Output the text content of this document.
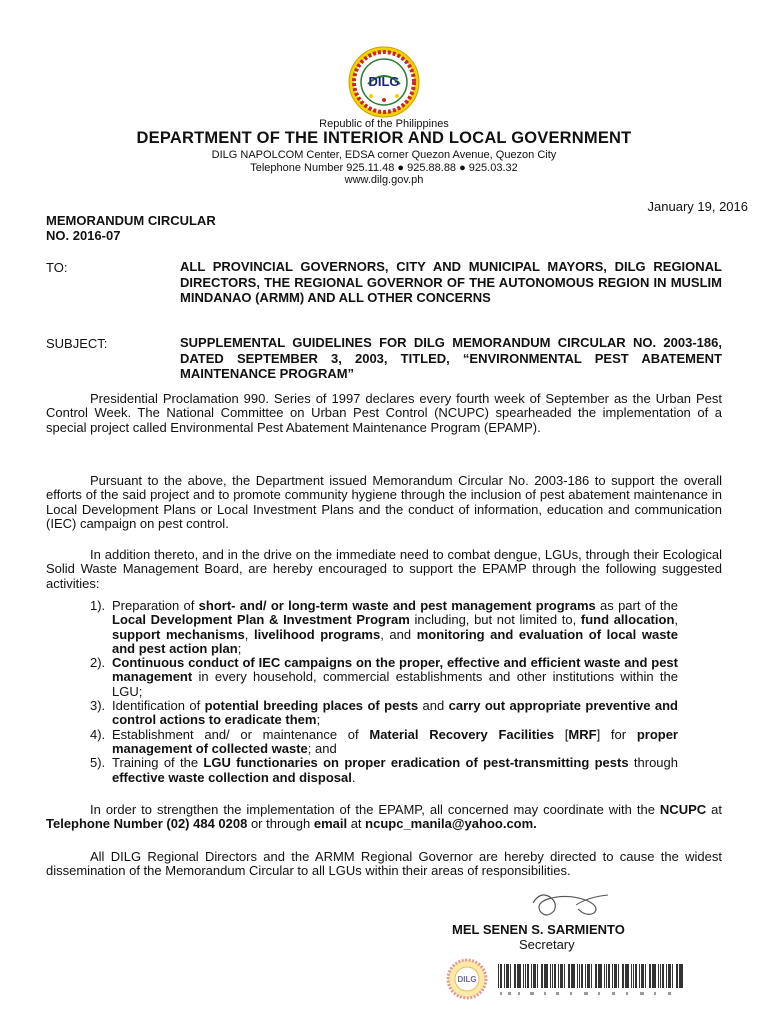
DILG
Republic of the Philippines
DEPARTMENT OF THE INTERIOR AND LOCAL GOVERNMENT
DILG NAPOLCOM Center, EDSA corner Quezon Avenue, Quezon City
Telephone Number 925.11.48 ● 925.88.88 ● 925.03.32
www.dilg.gov.ph
January 19, 2016
MEMORANDUM CIRCULAR
NO. 2016-07
TO:	ALL PROVINCIAL GOVERNORS, CITY AND MUNICIPAL MAYORS, DILG REGIONAL DIRECTORS, THE REGIONAL GOVERNOR OF THE AUTONOMOUS REGION IN MUSLIM MINDANAO (ARMM) AND ALL OTHER CONCERNS
SUBJECT:	SUPPLEMENTAL GUIDELINES FOR DILG MEMORANDUM CIRCULAR NO. 2003-186, DATED SEPTEMBER 3, 2003, TITLED, “ENVIRONMENTAL PEST ABATEMENT MAINTENANCE PROGRAM”
Presidential Proclamation 990. Series of 1997 declares every fourth week of September as the Urban Pest Control Week. The National Committee on Urban Pest Control (NCUPC) spearheaded the implementation of a special project called Environmental Pest Abatement Maintenance Program (EPAMP).
Pursuant to the above, the Department issued Memorandum Circular No. 2003-186 to support the overall efforts of the said project and to promote community hygiene through the inclusion of pest abatement maintenance in Local Development Plans or Local Investment Plans and the conduct of information, education and communication (IEC) campaign on pest control.
In addition thereto, and in the drive on the immediate need to combat dengue, LGUs, through their Ecological Solid Waste Management Board, are hereby encouraged to support the EPAMP through the following suggested activities:
1). Preparation of short- and/ or long-term waste and pest management programs as part of the Local Development Plan & Investment Program including, but not limited to, fund allocation, support mechanisms, livelihood programs, and monitoring and evaluation of local waste and pest action plan;
2). Continuous conduct of IEC campaigns on the proper, effective and efficient waste and pest management in every household, commercial establishments and other institutions within the LGU;
3). Identification of potential breeding places of pests and carry out appropriate preventive and control actions to eradicate them;
4). Establishment and/ or maintenance of Material Recovery Facilities [MRF] for proper management of collected waste; and
5). Training of the LGU functionaries on proper eradication of pest-transmitting pests through effective waste collection and disposal.
In order to strengthen the implementation of the EPAMP, all concerned may coordinate with the NCUPC at Telephone Number (02) 484 0208 or through email at ncupc_manila@yahoo.com.
All DILG Regional Directors and the ARMM Regional Governor are hereby directed to cause the widest dissemination of the Memorandum Circular to all LGUs within their areas of responsibilities.
MEL SENEN S. SARMIENTO
Secretary
DILG
